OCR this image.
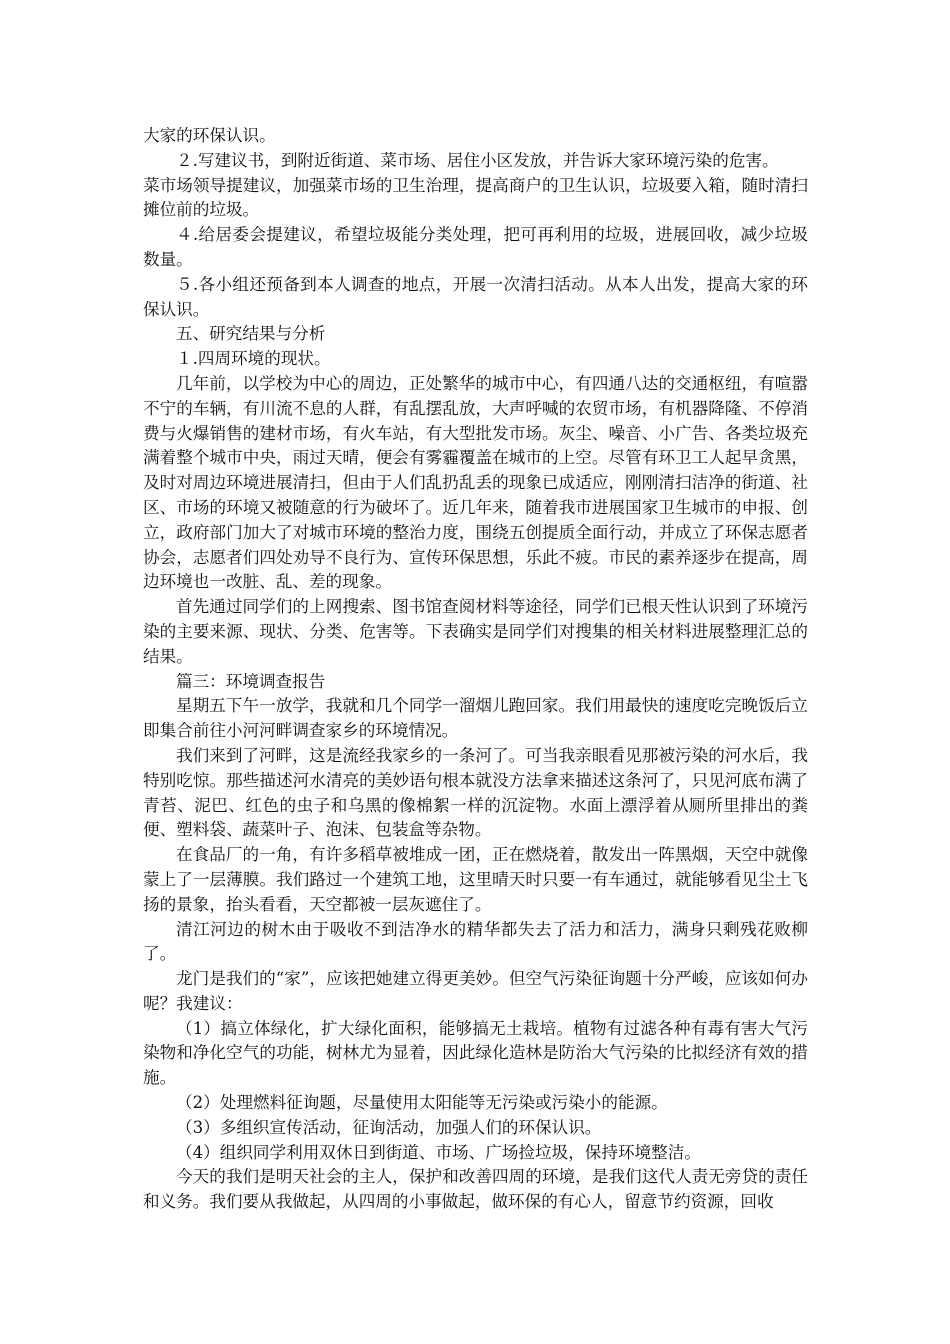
大家的环保认识。

２.写建议书，到附近街道、菜市场、居住小区发放，并告诉大家环境污染的危害。

菜市场领导提建议，加强菜市场的卫生治理，提高商户的卫生认识，垃圾要入箱，随时清扫摊位前的垃圾。

４.给居委会提建议，希望垃圾能分类处理，把可再利用的垃圾，进展回收，减少垃圾数量。

５.各小组还预备到本人调查的地点，开展一次清扫活动。从本人出发，提高大家的环保认识。

五、研究结果与分析

１.四周环境的现状。

几年前，以学校为中心的周边，正处繁华的城市中心，有四通八达的交通枢纽，有喧嚣不宁的车辆，有川流不息的人群，有乱摆乱放，大声呼喊的农贸市场，有机器降隆、不停消费与火爆销售的建材市场，有火车站，有大型批发市场。灰尘、噪音、小广告、各类垃圾充满着整个城市中央，雨过天晴，便会有雾霾覆盖在城市的上空。尽管有环卫工人起早贪黑，及时对周边环境进展清扫，但由于人们乱扔乱丢的现象已成适应，刚刚清扫洁净的街道、社区、市场的环境又被随意的行为破坏了。近几年来，随着我市进展国家卫生城市的申报、创立，政府部门加大了对城市环境的整治力度，围绕五创提质全面行动，并成立了环保志愿者协会，志愿者们四处劝导不良行为、宣传环保思想，乐此不疲。市民的素养逐步在提高，周边环境也一改脏、乱、差的现象。

首先通过同学们的上网搜索、图书馆查阅材料等途径，同学们已根天性认识到了环境污染的主要来源、现状、分类、危害等。下表确实是同学们对搜集的相关材料进展整理汇总的结果。

篇三：环境调查报告

星期五下午一放学，我就和几个同学一溜烟儿跑回家。我们用最快的速度吃完晚饭后立即集合前往小河河畔调查家乡的环境情况。

我们来到了河畔，这是流经我家乡的一条河了。可当我亲眼看见那被污染的河水后，我特别吃惊。那些描述河水清亮的美妙语句根本就没方法拿来描述这条河了，只见河底布满了青苔、泥巴、红色的虫子和乌黑的像棉絮一样的沉淀物。水面上漂浮着从厕所里排出的粪便、塑料袋、蔬菜叶子、泡沫、包装盒等杂物。

在食品厂的一角，有许多稻草被堆成一团，正在燃烧着，散发出一阵黑烟，天空中就像蒙上了一层薄膜。我们路过一个建筑工地，这里晴天时只要一有车通过，就能够看见尘土飞扬的景象，抬头看看，天空都被一层灰遮住了。

清江河边的树木由于吸收不到洁净水的精华都失去了活力和活力，满身只剩残花败柳了。

龙门是我们的“家”，应该把她建立得更美妙。但空气污染征询题十分严峻，应该如何办呢？我建议：

（1）搞立体绿化，扩大绿化面积，能够搞无土栽培。植物有过滤各种有毒有害大气污染物和净化空气的功能，树林尤为显着，因此绿化造林是防治大气污染的比拟经济有效的措施。

（2）处理燃料征询题，尽量使用太阳能等无污染或污染小的能源。

（3）多组织宣传活动，征询活动，加强人们的环保认识。

（4）组织同学利用双休日到街道、市场、广场捡垃圾，保持环境整洁。

今天的我们是明天社会的主人，保护和改善四周的环境，是我们这代人责无旁贷的责任和义务。我们要从我做起，从四周的小事做起，做环保的有心人，留意节约资源，回收
